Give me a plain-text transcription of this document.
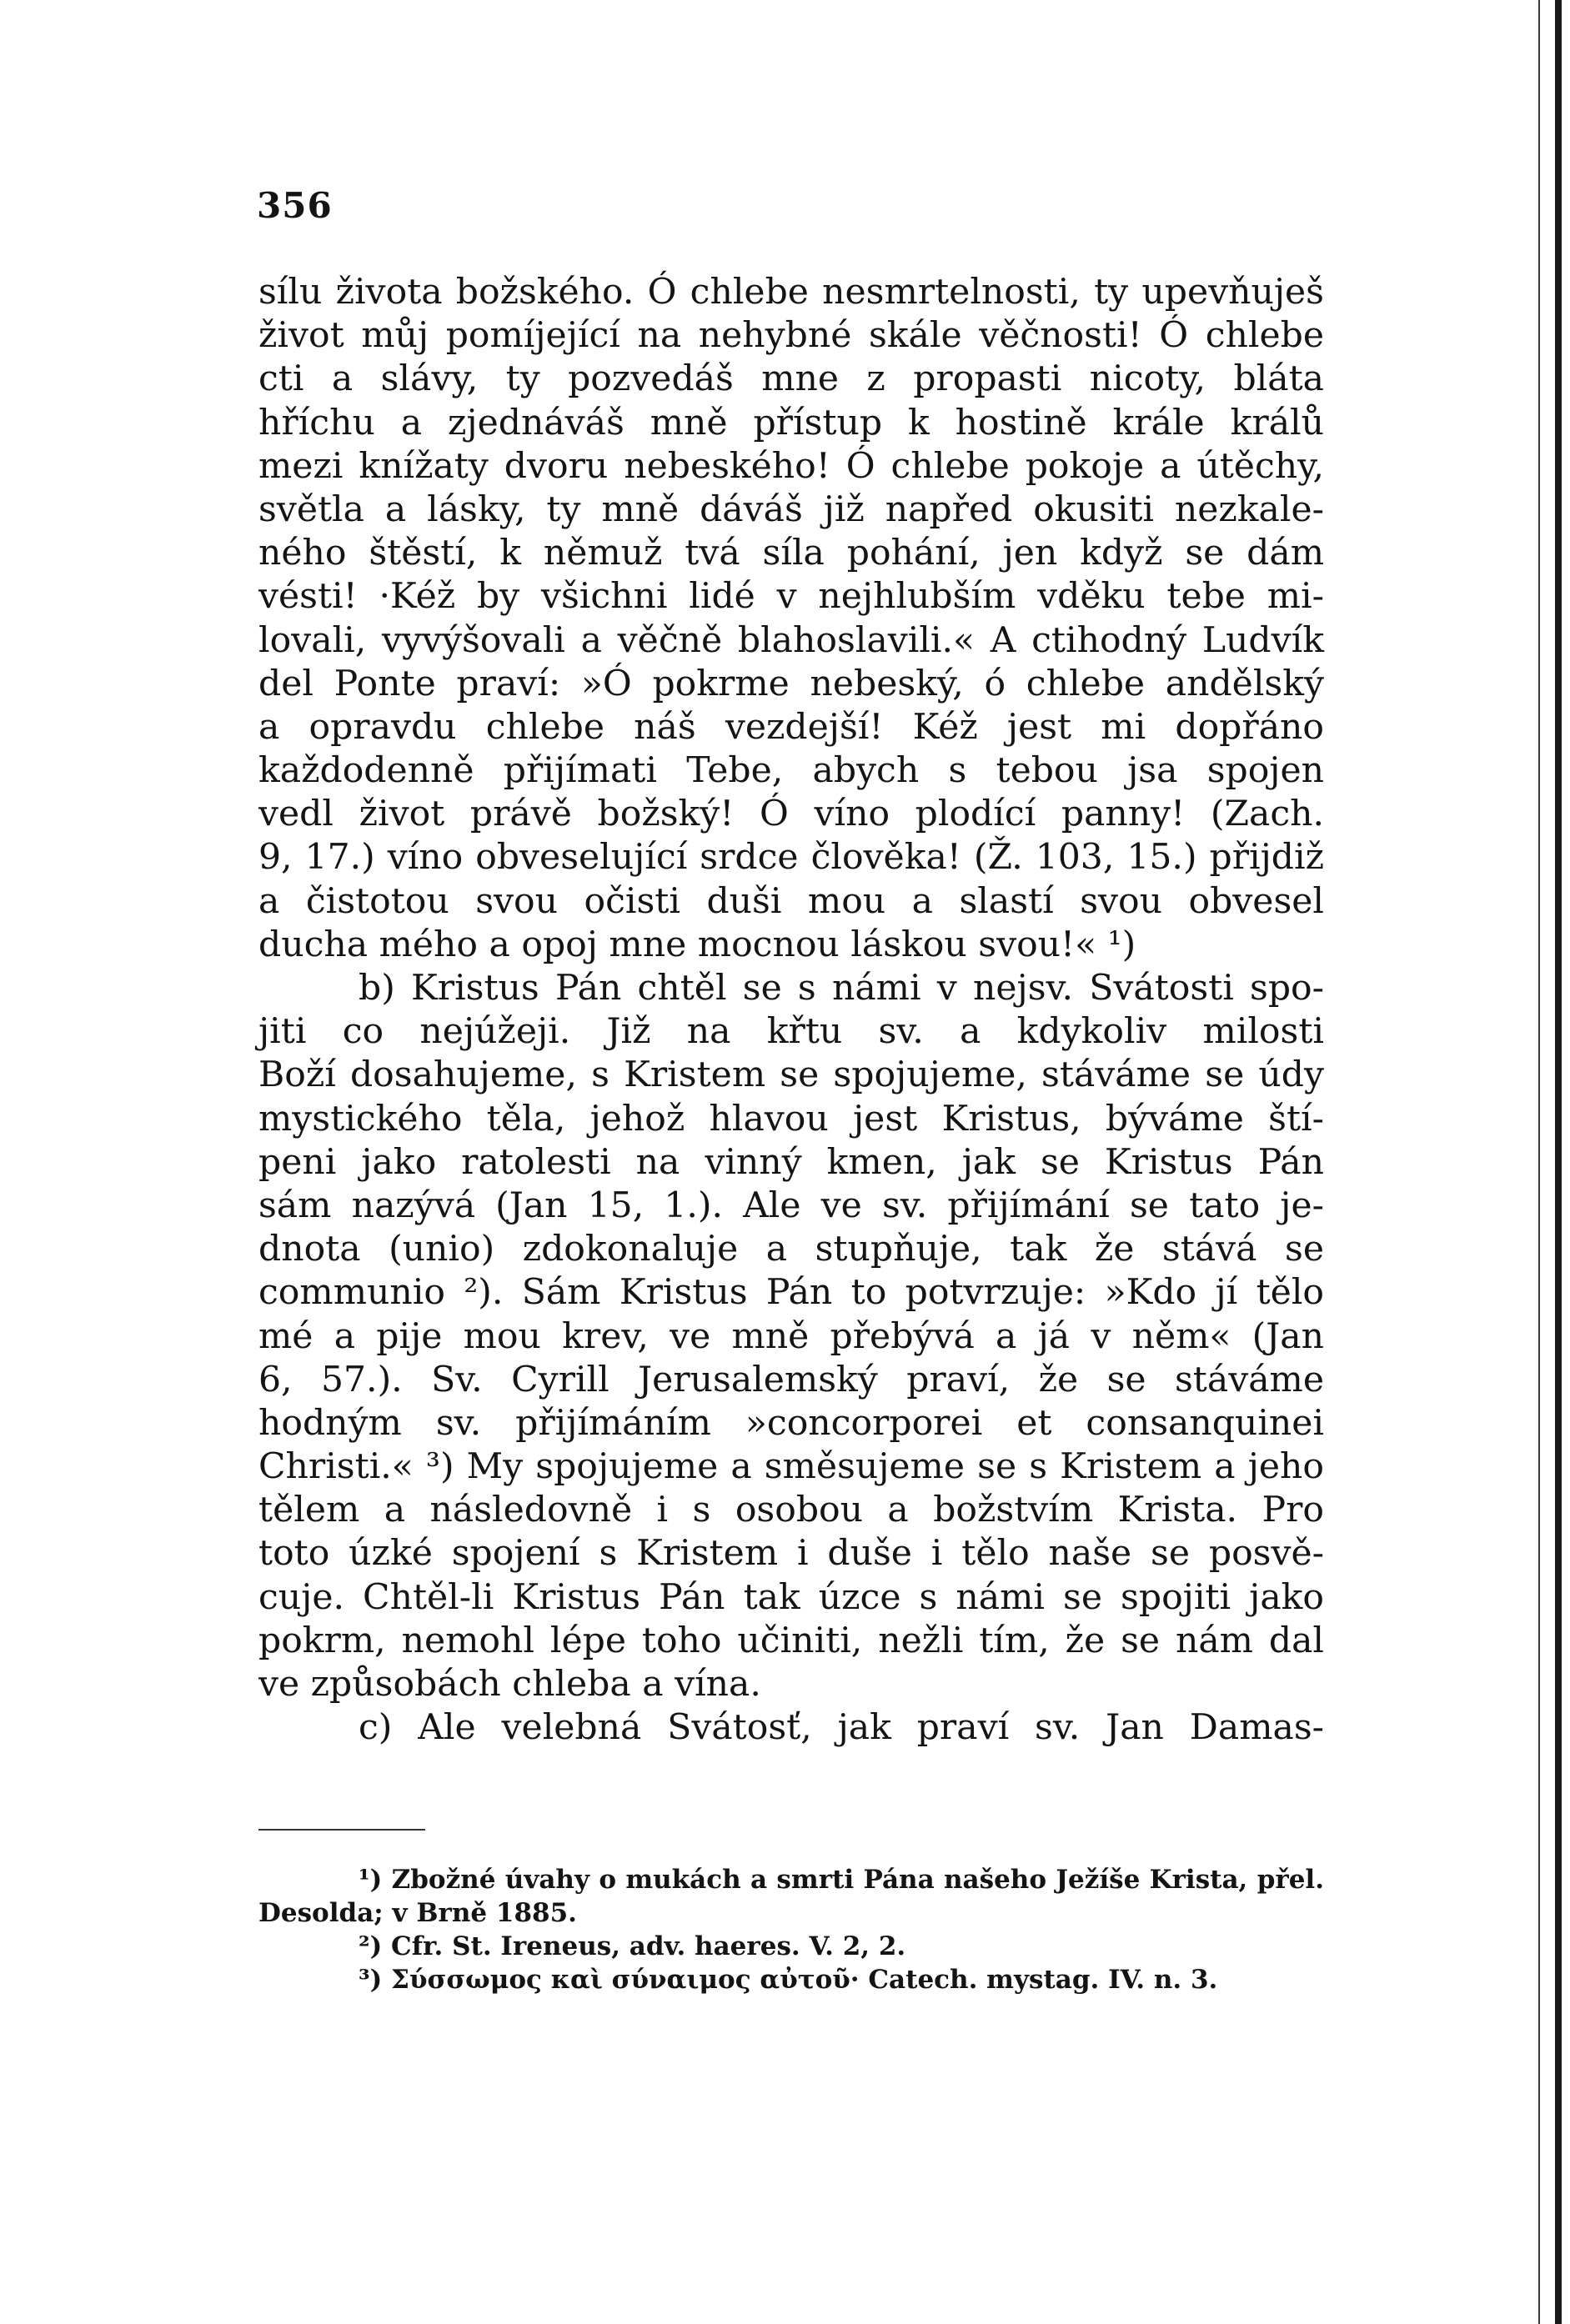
356
sílu života božského. Ó chlebe nesmrtelnosti, ty upevňuješ
život můj pomíjející na nehybné skále věčnosti! Ó chlebe
cti a slávy, ty pozvedáš mne z propasti nicoty, bláta
hříchu a zjednáváš mně přístup k hostině krále králů
mezi knížaty dvoru nebeského! Ó chlebe pokoje a útěchy,
světla a lásky, ty mně dáváš již napřed okusiti nezkale-
ného štěstí, k němuž tvá síla pohání, jen když se dám
vésti! ·Kéž by všichni lidé v nejhlubším vděku tebe mi-
lovali, vyvýšovali a věčně blahoslavili.« A ctihodný Ludvík
del Ponte praví: »Ó pokrme nebeský, ó chlebe andělský
a opravdu chlebe náš vezdejší! Kéž jest mi dopřáno
každodenně přijímati Tebe, abych s tebou jsa spojen
vedl život právě božský! Ó víno plodící panny! (Zach.
9, 17.) víno obveselující srdce člověka! (Ž. 103, 15.) přijdiž
a čistotou svou očisti duši mou a slastí svou obvesel
ducha mého a opoj mne mocnou láskou svou!« ¹)
b) Kristus Pán chtěl se s námi v nejsv. Svátosti spo-
jiti co nejúžeji. Již na křtu sv. a kdykoliv milosti
Boží dosahujeme, s Kristem se spojujeme, stáváme se údy
mystického těla, jehož hlavou jest Kristus, býváme ští-
peni jako ratolesti na vinný kmen, jak se Kristus Pán
sám nazývá (Jan 15, 1.). Ale ve sv. přijímání se tato je-
dnota (unio) zdokonaluje a stupňuje, tak že stává se
communio ²). Sám Kristus Pán to potvrzuje: »Kdo jí tělo
mé a pije mou krev, ve mně přebývá a já v něm« (Jan
6, 57.). Sv. Cyrill Jerusalemský praví, že se stáváme
hodným sv. přijímáním »concorporei et consanquinei
Christi.« ³) My spojujeme a směsujeme se s Kristem a jeho
tělem a následovně i s osobou a božstvím Krista. Pro
toto úzké spojení s Kristem i duše i tělo naše se posvě-
cuje. Chtěl-li Kristus Pán tak úzce s námi se spojiti jako
pokrm, nemohl lépe toho učiniti, nežli tím, že se nám dal
ve způsobách chleba a vína.
c) Ale velebná Svátosť, jak praví sv. Jan Damas-
¹) Zbožné úvahy o mukách a smrti Pána našeho Ježíše Krista, přel.
Desolda; v Brně 1885.
²) Cfr. St. Ireneus, adv. haeres. V. 2, 2.
³) Σύσσωμος καὶ σύναιμος αὐτοῦ· Catech. mystag. IV. n. 3.
